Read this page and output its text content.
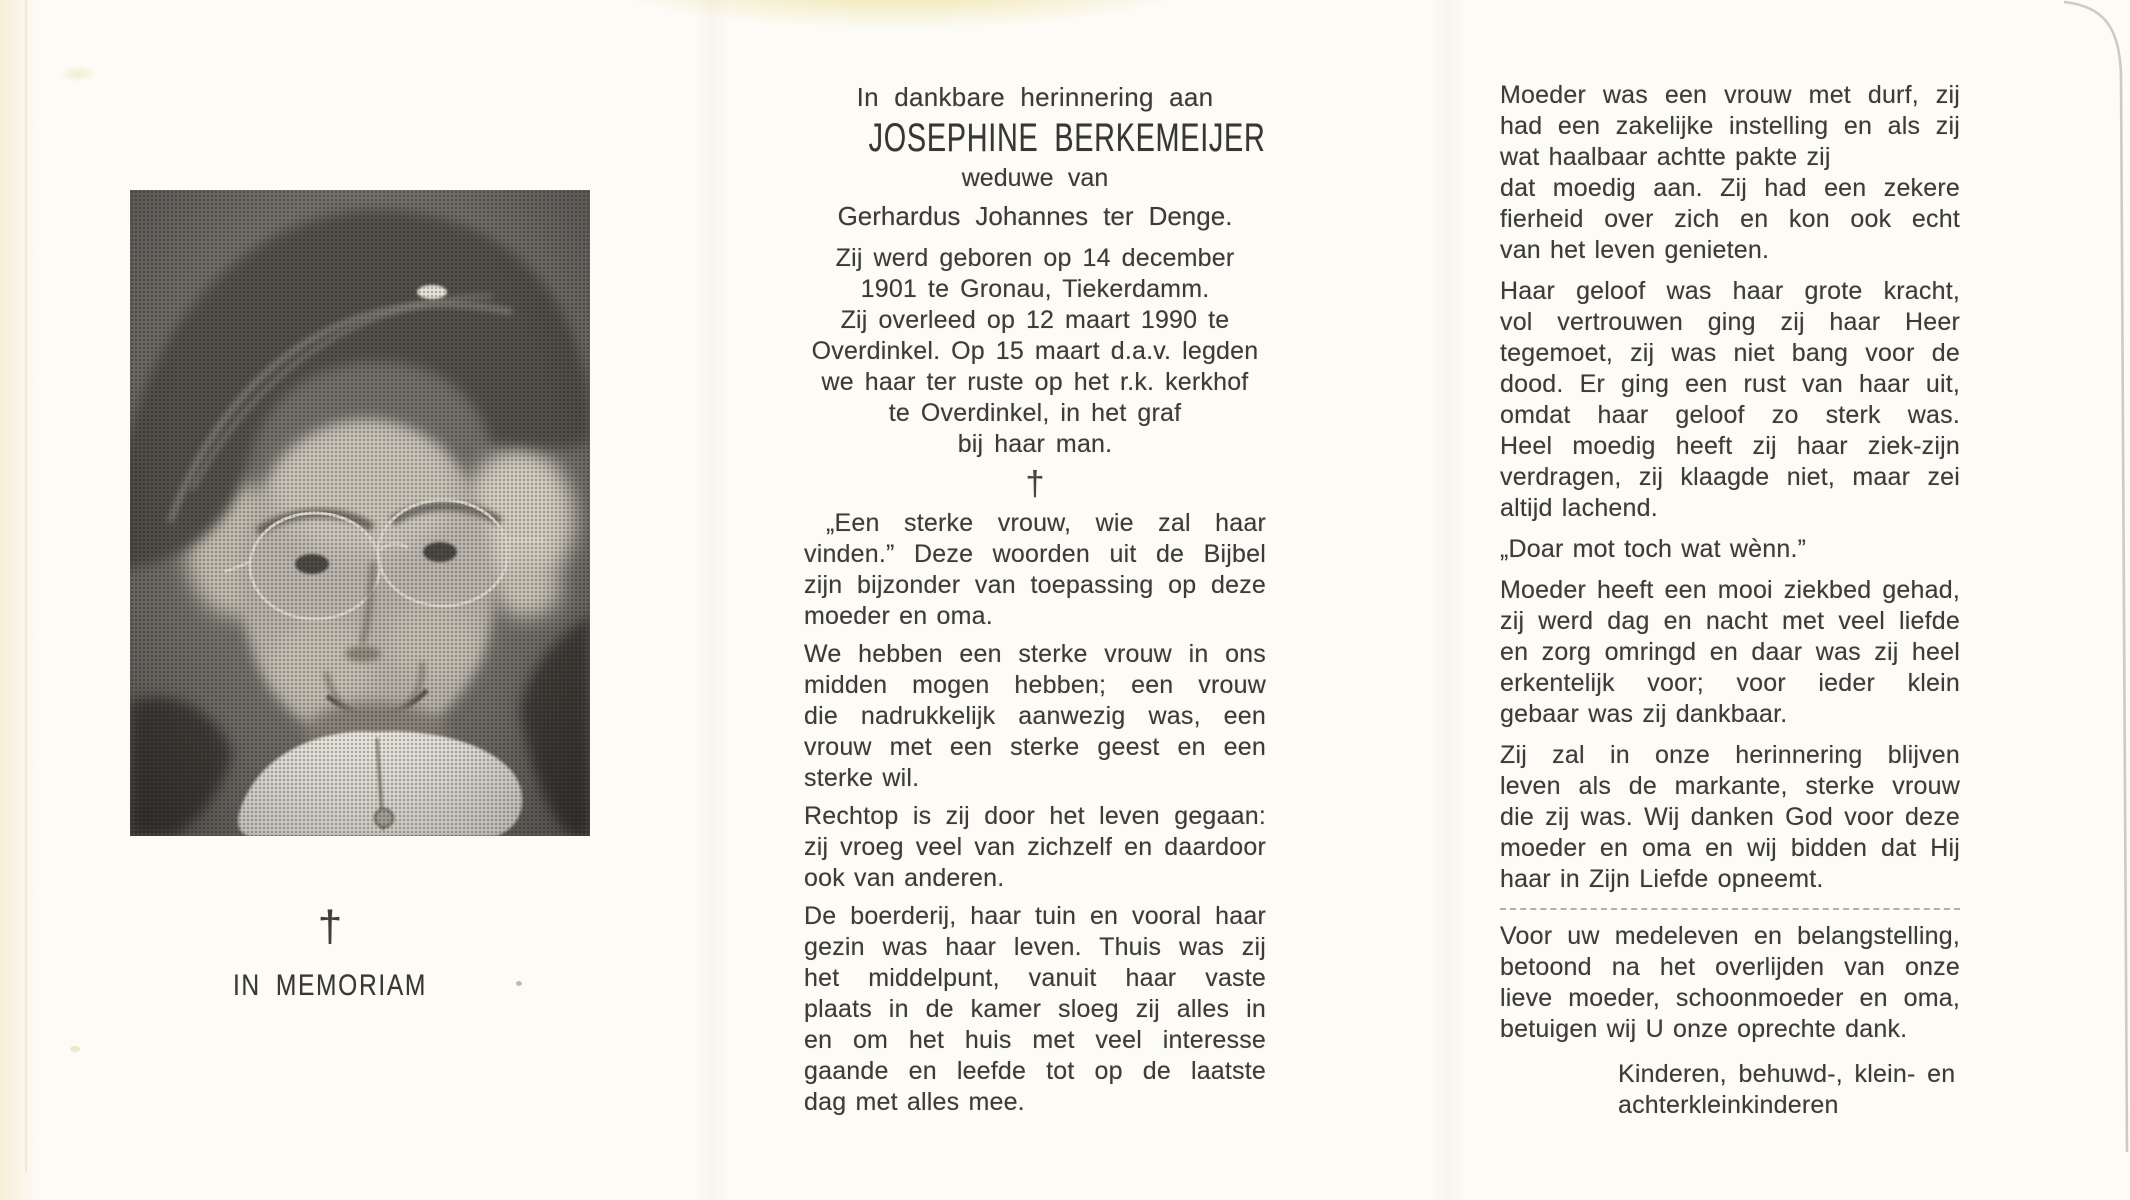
†
IN MEMORIAM
In dankbare herinnering aan
JOSEPHINE BERKEMEIJER
weduwe van
Gerhardus Johannes ter Denge.
Zij werd geboren op 14 december
1901 te Gronau, Tiekerdamm.
Zij overleed op 12 maart 1990 te
Overdinkel. Op 15 maart d.a.v. legden
we haar ter ruste op het r.k. kerkhof
te Overdinkel, in het graf
bij haar man.
†
„Een sterke vrouw, wie zal haar
vinden.” Deze woorden uit de Bijbel
zijn bijzonder van toepassing op deze
moeder en oma.
We hebben een sterke vrouw in ons
midden mogen hebben; een vrouw
die nadrukkelijk aanwezig was, een
vrouw met een sterke geest en een
sterke wil.
Rechtop is zij door het leven gegaan:
zij vroeg veel van zichzelf en daardoor
ook van anderen.
De boerderij, haar tuin en vooral haar
gezin was haar leven. Thuis was zij
het middelpunt, vanuit haar vaste
plaats in de kamer sloeg zij alles in
en om het huis met veel interesse
gaande en leefde tot op de laatste
dag met alles mee.
Moeder was een vrouw met durf, zij
had een zakelijke instelling en als zij
wat haalbaar achtte pakte zij
dat moedig aan. Zij had een zekere
fierheid over zich en kon ook echt
van het leven genieten.
Haar geloof was haar grote kracht,
vol vertrouwen ging zij haar Heer
tegemoet, zij was niet bang voor de
dood. Er ging een rust van haar uit,
omdat haar geloof zo sterk was.
Heel moedig heeft zij haar ziek-zijn
verdragen, zij klaagde niet, maar zei
altijd lachend.
„Doar mot toch wat wènn.”
Moeder heeft een mooi ziekbed gehad,
zij werd dag en nacht met veel liefde
en zorg omringd en daar was zij heel
erkentelijk voor; voor ieder klein
gebaar was zij dankbaar.
Zij zal in onze herinnering blijven
leven als de markante, sterke vrouw
die zij was. Wij danken God voor deze
moeder en oma en wij bidden dat Hij
haar in Zijn Liefde opneemt.
Voor uw medeleven en belangstelling,
betoond na het overlijden van onze
lieve moeder, schoonmoeder en oma,
betuigen wij U onze oprechte dank.
Kinderen, behuwd-, klein- en
achterkleinkinderen
